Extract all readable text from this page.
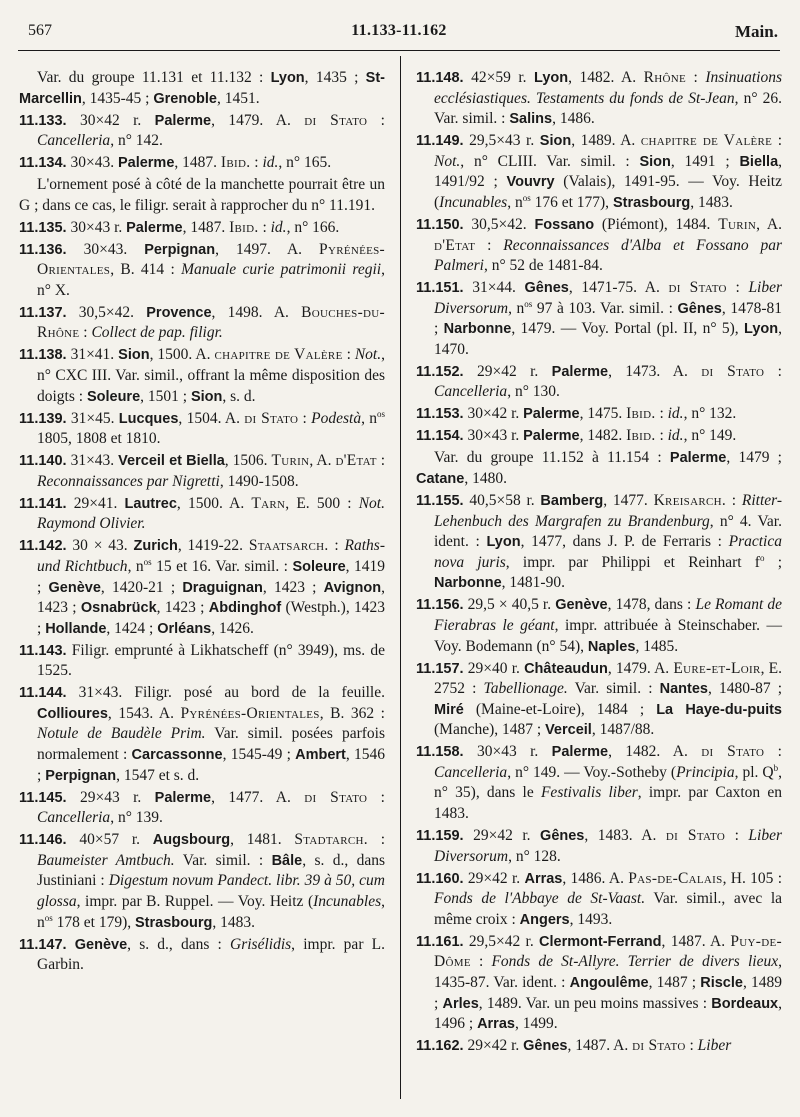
567	11.133-11.162	Main.

Var. du groupe 11.131 et 11.132 : Lyon, 1435 ; St-Marcellin, 1435-45 ; Grenoble, 1451.

11.133. 30×42 r. Palerme, 1479. A. di Stato : Cancelleria, n° 142.

11.134. 30×43. Palerme, 1487. Ibid. : id., n° 165.

L'ornement posé à côté de la manchette pourrait être un G ; dans ce cas, le filigr. serait à rapprocher du n° 11.191.

11.135. 30×43 r. Palerme, 1487. Ibid. : id., n° 166.

11.136. 30×43. Perpignan, 1497. A. Pyrénées-Orientales, B. 414 : Manuale curie patrimonii regii, n° X.

11.137. 30,5×42. Provence, 1498. A. Bouches-du-Rhône : Collect de pap. filigr.

11.138. 31×41. Sion, 1500. A. chapitre de Valère : Not., n° CXC III. Var. simil., offrant la même disposition des doigts : Soleure, 1501 ; Sion, s. d.

11.139. 31×45. Lucques, 1504. A. di Stato : Podestà, $n^{os}$ 1805, 1808 et 1810.

11.140. 31×43. Verceil et Biella, 1506. Turin, A. d'Etat : Reconnaissances par Nigretti, 1490-1508.

11.141. 29×41. Lautrec, 1500. A. Tarn, E. 500 : Not. Raymond Olivier.

11.142. 30 × 43. Zurich, 1419-22. Staatsarch. : Raths- und Richtbuch, $n^{os}$ 15 et 16. Var. simil. : Soleure, 1419 ; Genève, 1420-21 ; Draguignan, 1423 ; Avignon, 1423 ; Osnabrück, 1423 ; Abdinghof (Westph.), 1423 ; Hollande, 1424 ; Orléans, 1426.

11.143. Filigr. emprunté à Likhatscheff (n° 3949), ms. de 1525.

11.144. 31×43. Filigr. posé au bord de la feuille. Collioures, 1543. A. Pyrénées-Orientales, B. 362 : Notule de Baudèle Prim. Var. simil. posées parfois normalement : Carcassonne, 1545-49 ; Ambert, 1546 ; Perpignan, 1547 et s. d.

11.145. 29×43 r. Palerme, 1477. A. di Stato : Cancelleria, n° 139.

11.146. 40×57 r. Augsbourg, 1481. Stadtarch. : Baumeister Amtbuch. Var. simil. : Bâle, s. d., dans Justiniani : Digestum novum Pandect. libr. 39 à 50, cum glossa, impr. par B. Ruppel. — Voy. Heitz (Incunables, $n^{os}$ 178 et 179), Strasbourg, 1483.

11.147. Genève, s. d., dans : Grisélidis, impr. par L. Garbin.

11.148. 42×59 r. Lyon, 1482. A. Rhône : Insinuations ecclésiastiques. Testaments du fonds de St-Jean, n° 26. Var. simil. : Salins, 1486.

11.149. 29,5×43 r. Sion, 1489. A. chapitre de Valère : Not., n° CLIII. Var. simil. : Sion, 1491 ; Biella, 1491/92 ; Vouvry (Valais), 1491-95. — Voy. Heitz (Incunables, $n^{os}$ 176 et 177), Strasbourg, 1483.

11.150. 30,5×42. Fossano (Piémont), 1484. Turin, A. d'Etat : Reconnaissances d'Alba et Fossano par Palmeri, n° 52 de 1481-84.

11.151. 31×44. Gênes, 1471-75. A. di Stato : Liber Diversorum, $n^{os}$ 97 à 103. Var. simil. : Gênes, 1478-81 ; Narbonne, 1479. — Voy. Portal (pl. II, n° 5), Lyon, 1470.

11.152. 29×42 r. Palerme, 1473. A. di Stato : Cancelleria, n° 130.

11.153. 30×42 r. Palerme, 1475. Ibid. : id., n° 132.

11.154. 30×43 r. Palerme, 1482. Ibid. : id., n° 149.

Var. du groupe 11.152 à 11.154 : Palerme, 1479 ; Catane, 1480.

11.155. 40,5×58 r. Bamberg, 1477. Kreisarch. : Ritter-Lehenbuch des Margrafen zu Brandenburg, n° 4. Var. ident. : Lyon, 1477, dans J. P. de Ferraris : Practica nova juris, impr. par Philippi et Reinhart $f^o$ ; Narbonne, 1481-90.

11.156. 29,5 × 40,5 r. Genève, 1478, dans : Le Romant de Fierabras le géant, impr. attribuée à Steinschaber. — Voy. Bodemann (n° 54), Naples, 1485.

11.157. 29×40 r. Châteaudun, 1479. A. Eure-et-Loir, E. 2752 : Tabellionage. Var. simil. : Nantes, 1480-87 ; Miré (Maine-et-Loire), 1484 ; La Haye-du-puits (Manche), 1487 ; Verceil, 1487/88.

11.158. 30×43 r. Palerme, 1482. A. di Stato : Cancelleria, n° 149. — Voy.-Sotheby (Principia, pl. $Q^b$, n° 35), dans le Festivalis liber, impr. par Caxton en 1483.

11.159. 29×42 r. Gênes, 1483. A. di Stato : Liber Diversorum, n° 128.

11.160. 29×42 r. Arras, 1486. A. Pas-de-Calais, H. 105 : Fonds de l'Abbaye de St-Vaast. Var. simil., avec la même croix : Angers, 1493.

11.161. 29,5×42 r. Clermont-Ferrand, 1487. A. Puy-de-Dôme : Fonds de St-Allyre. Terrier de divers lieux, 1435-87. Var. ident. : Angoulême, 1487 ; Riscle, 1489 ; Arles, 1489. Var. un peu moins massives : Bordeaux, 1496 ; Arras, 1499.

11.162. 29×42 r. Gênes, 1487. A. di Stato : Liber
